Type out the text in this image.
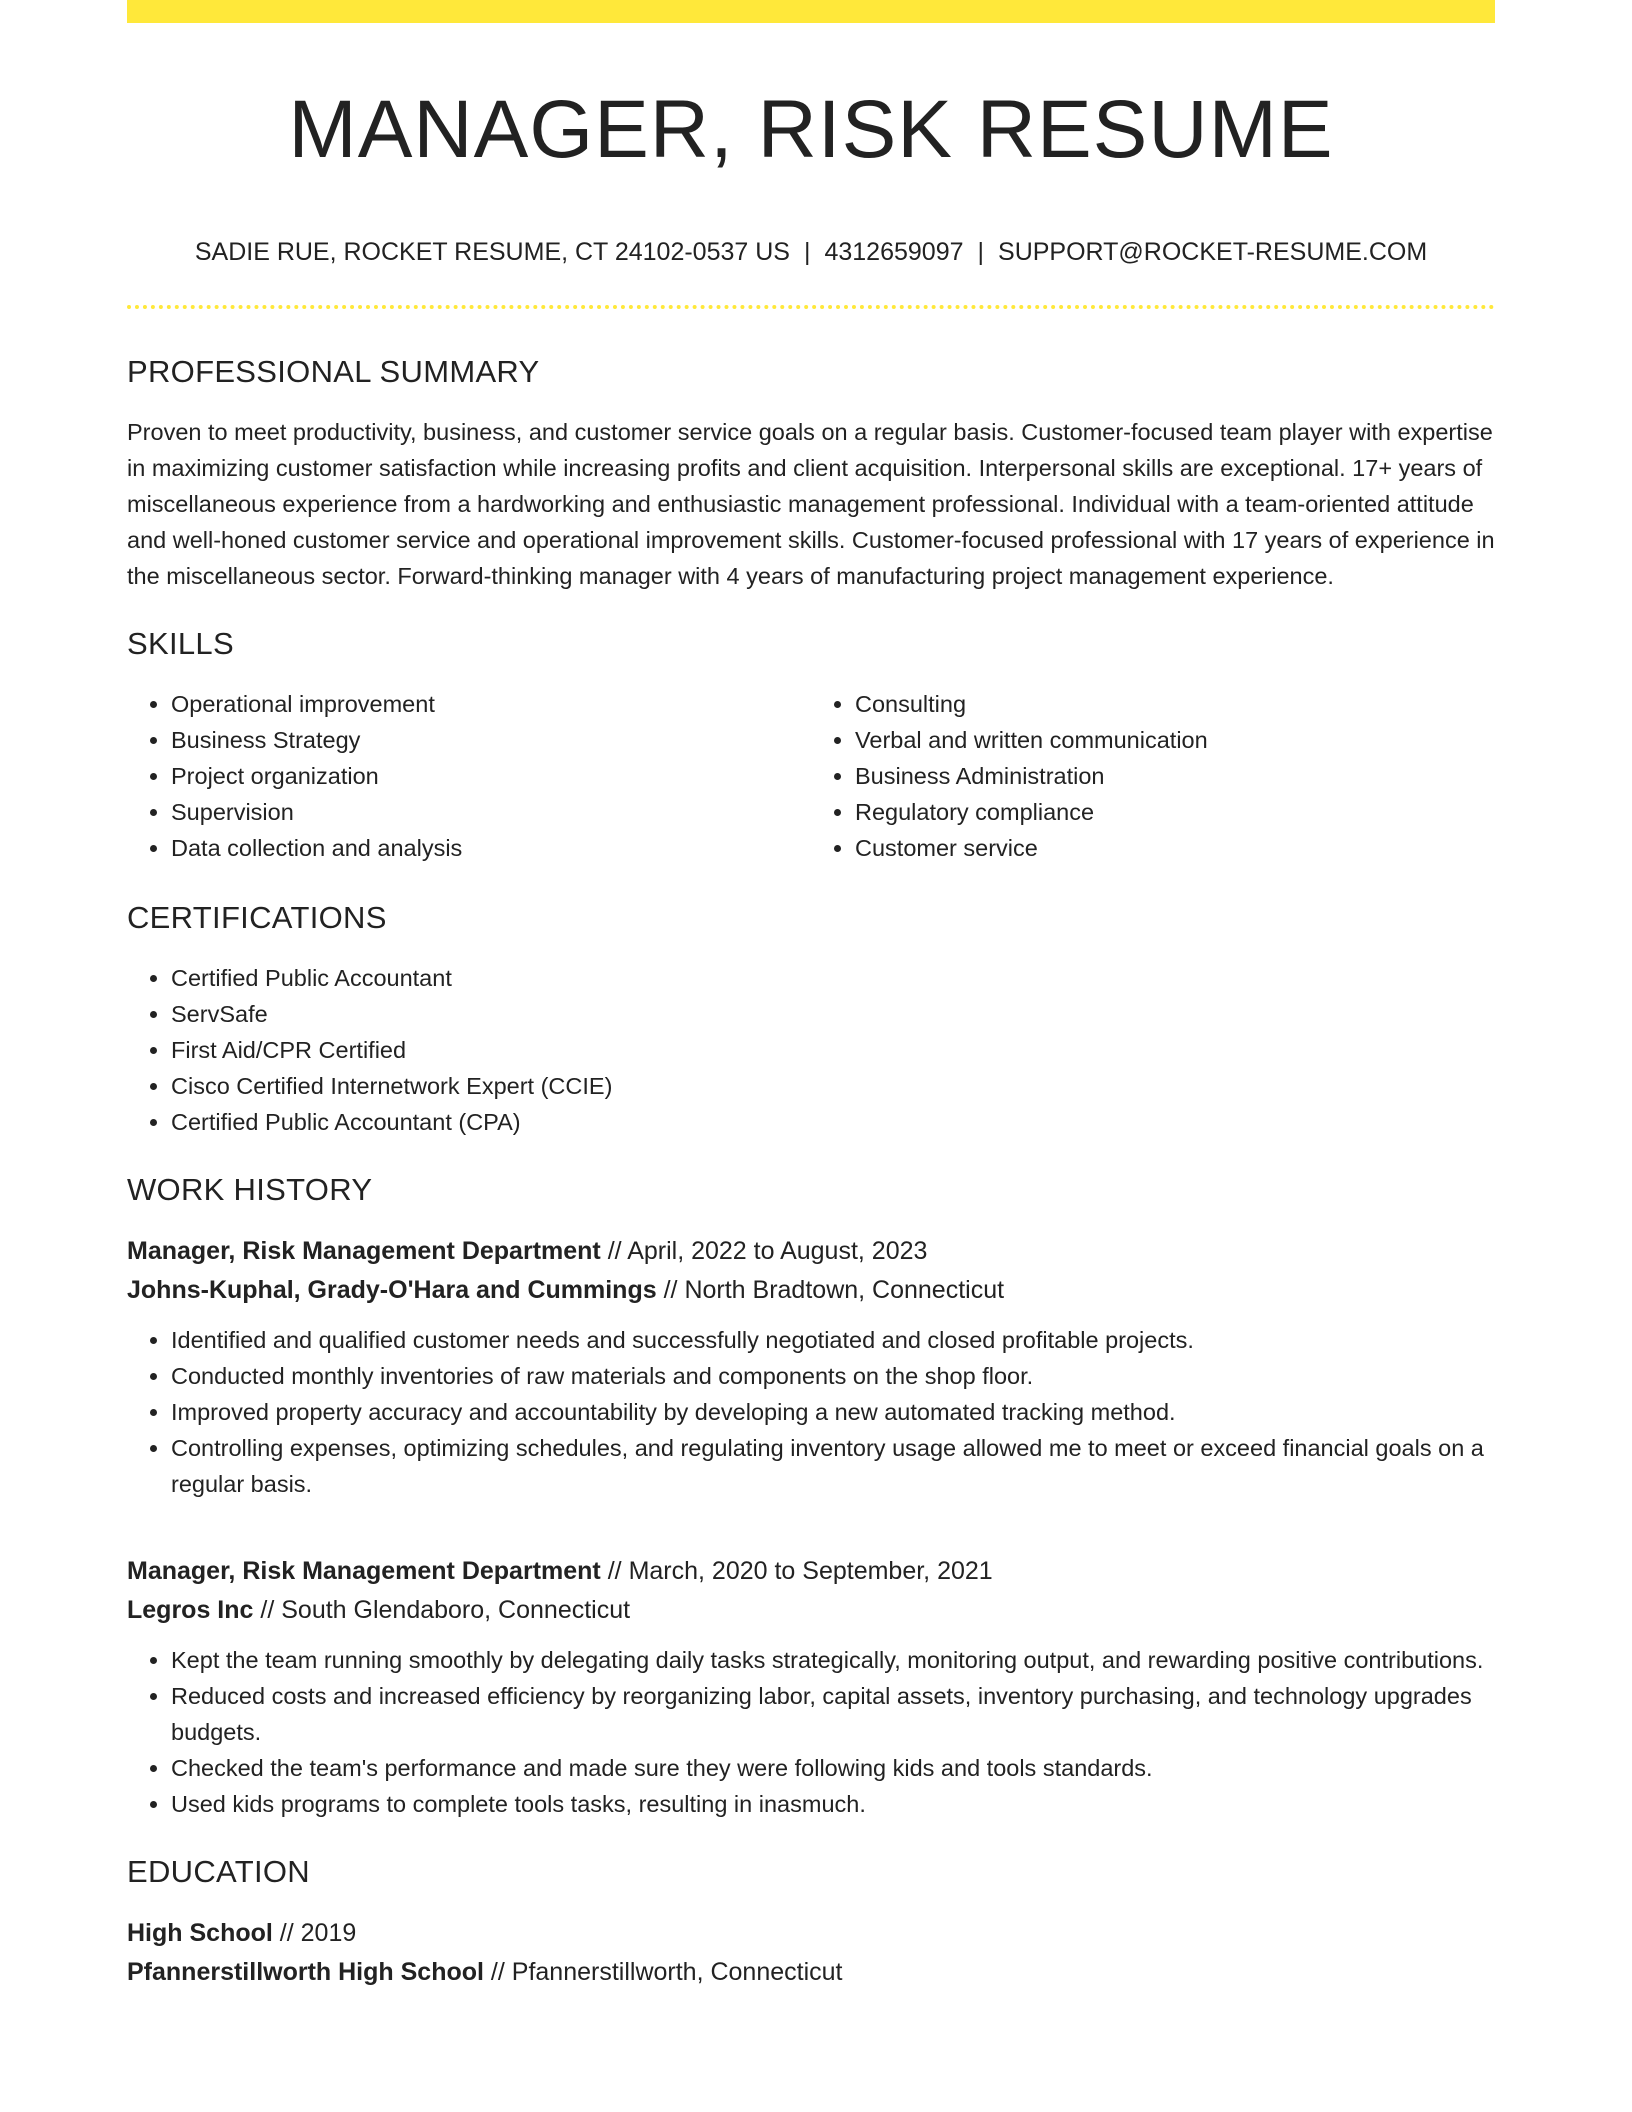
MANAGER, RISK RESUME
SADIE RUE, ROCKET RESUME, CT 24102-0537 US | 4312659097 | SUPPORT@ROCKET-RESUME.COM
PROFESSIONAL SUMMARY

Proven to meet productivity, business, and customer service goals on a regular basis. Customer-focused team player with expertise in maximizing customer satisfaction while increasing profits and client acquisition. Interpersonal skills are exceptional. 17+ years of miscellaneous experience from a hardworking and enthusiastic management professional. Individual with a team-oriented attitude and well-honed customer service and operational improvement skills. Customer-focused professional with 17 years of experience in the miscellaneous sector. Forward-thinking manager with 4 years of manufacturing project management experience.

SKILLS
• Operational improvement
• Business Strategy
• Project organization
• Supervision
• Data collection and analysis
• Consulting
• Verbal and written communication
• Business Administration
• Regulatory compliance
• Customer service
CERTIFICATIONS
• Certified Public Accountant
• ServSafe
• First Aid/CPR Certified
• Cisco Certified Internetwork Expert (CCIE)
• Certified Public Accountant (CPA)
WORK HISTORY

Manager, Risk Management Department // April, 2022 to August, 2023

Johns-Kuphal, Grady-O'Hara and Cummings // North Bradtown, Connecticut

• Identified and qualified customer needs and successfully negotiated and closed profitable projects.
• Conducted monthly inventories of raw materials and components on the shop floor.
• Improved property accuracy and accountability by developing a new automated tracking method.
• Controlling expenses, optimizing schedules, and regulating inventory usage allowed me to meet or exceed financial goals on a regular basis.

Manager, Risk Management Department // March, 2020 to September, 2021

Legros Inc // South Glendaboro, Connecticut

• Kept the team running smoothly by delegating daily tasks strategically, monitoring output, and rewarding positive contributions.
• Reduced costs and increased efficiency by reorganizing labor, capital assets, inventory purchasing, and technology upgrades budgets.
• Checked the team's performance and made sure they were following kids and tools standards.
• Used kids programs to complete tools tasks, resulting in inasmuch.
EDUCATION

High School // 2019

Pfannerstillworth High School // Pfannerstillworth, Connecticut
